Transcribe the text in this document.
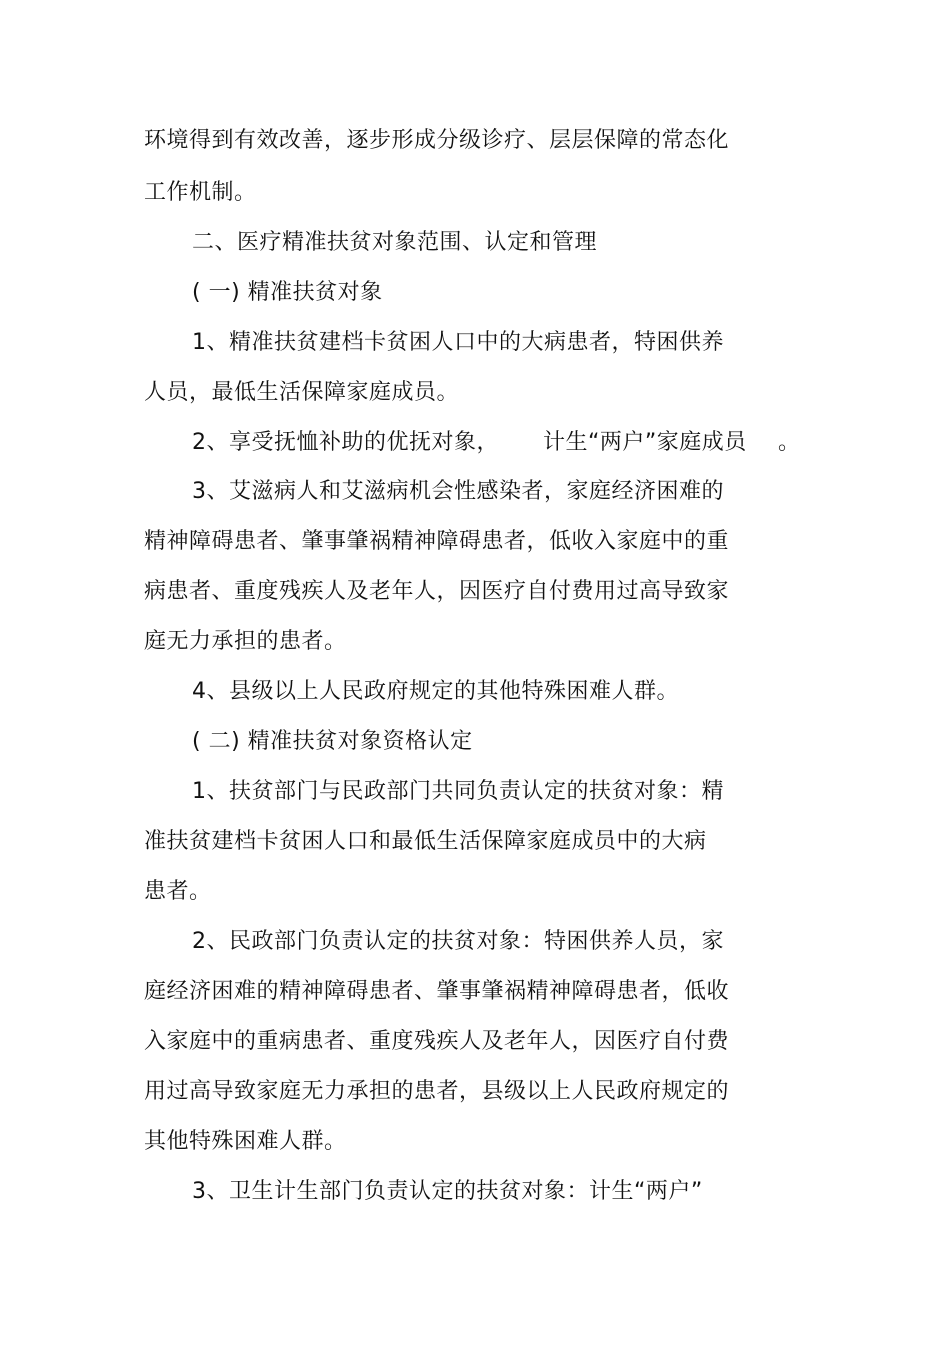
环境得到有效改善，逐步形成分级诊疗、层层保障的常态化
工作机制。
二、医疗精准扶贫对象范围、认定和管理
( 一) 精准扶贫对象
1、精准扶贫建档卡贫困人口中的大病患者，特困供养
人员，最低生活保障家庭成员。
2、享受抚恤补助的优抚对象， 计生“两户”家庭成员 。
3、艾滋病人和艾滋病机会性感染者，家庭经济困难的
精神障碍患者、肇事肇祸精神障碍患者，低收入家庭中的重
病患者、重度残疾人及老年人，因医疗自付费用过高导致家
庭无力承担的患者。
4、县级以上人民政府规定的其他特殊困难人群。
( 二) 精准扶贫对象资格认定
1、扶贫部门与民政部门共同负责认定的扶贫对象：精
准扶贫建档卡贫困人口和最低生活保障家庭成员中的大病
患者。
2、民政部门负责认定的扶贫对象：特困供养人员，家
庭经济困难的精神障碍患者、肇事肇祸精神障碍患者，低收
入家庭中的重病患者、重度残疾人及老年人，因医疗自付费
用过高导致家庭无力承担的患者，县级以上人民政府规定的
其他特殊困难人群。
3、卫生计生部门负责认定的扶贫对象：计生“两户”
